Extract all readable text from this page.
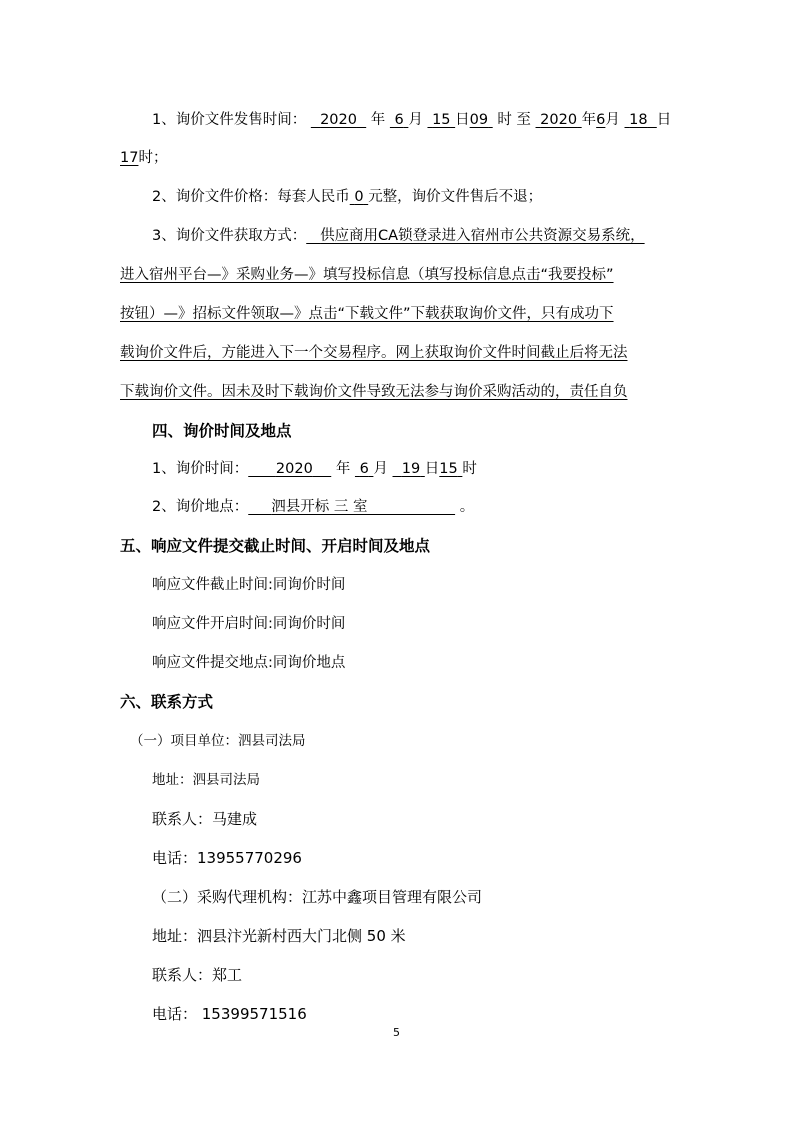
1、询价文件发售时间： 2020 年 6 月 15 日09 时 至 2020 年6月 18 日
17时；
2、询价文件价格：每套人民币 0 元整，询价文件售后不退；
3、询价文件获取方式： 供应商用CA锁登录进入宿州市公共资源交易系统，
进入宿州平台—》采购业务—》填写投标信息（填写投标信息点击“我要投标”
按钮）—》招标文件领取—》点击“下载文件”下载获取询价文件，只有成功下
载询价文件后，方能进入下一个交易程序。网上获取询价文件时间截止后将无法
下载询价文件。因未及时下载询价文件导致无法参与询价采购活动的，责任自负
四、询价时间及地点
1、询价时间： 2020 年 6 月 19 日15 时
2、询价地点： 泗县开标 三 室	。
五、响应文件提交截止时间、开启时间及地点
响应文件截止时间:同询价时间
响应文件开启时间:同询价时间
响应文件提交地点:同询价地点
六、联系方式
（一）项目单位：泗县司法局
地址：泗县司法局
联系人：马建成
电话：13955770296
（二）采购代理机构：江苏中鑫项目管理有限公司
地址：泗县汴光新村西大门北侧 50 米
联系人：郑工
电话： 15399571516
5
